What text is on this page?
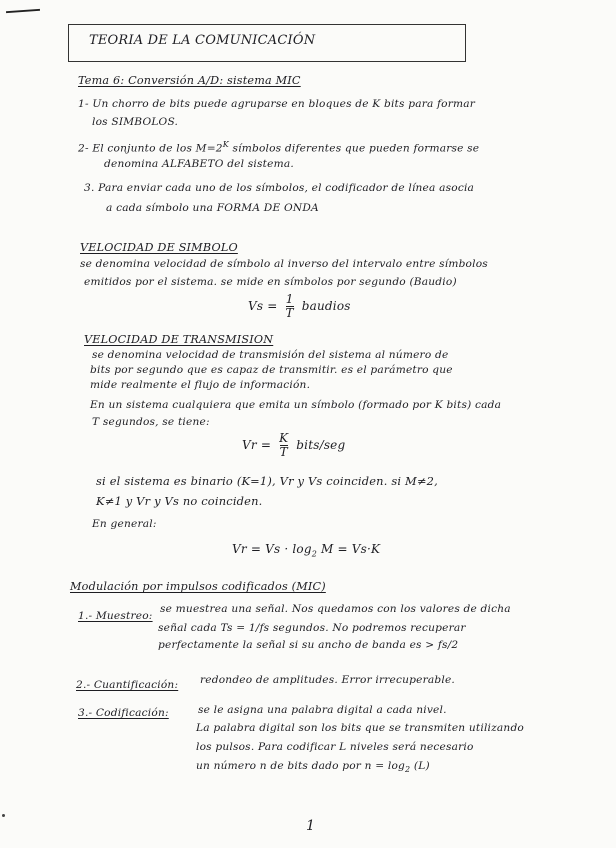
TEORIA DE LA COMUNICACIÓN
Tema 6: Conversión A/D: sistema MIC
1- Un chorro de bits puede agruparse en bloques de K bits para formar
los SIMBOLOS.
2- El conjunto de los $M=2^K$ símbolos diferentes que pueden formarse se
denomina ALFABETO del sistema.
3. Para enviar cada uno de los símbolos, el codificador de línea asocia
a cada símbolo una FORMA DE ONDA
VELOCIDAD DE SIMBOLO
se denomina velocidad de símbolo al inverso del intervalo entre símbolos
emitidos por el sistema. se mide en símbolos por segundo (Baudio)
$Vs = \frac{1}{T}$ baudios
VELOCIDAD DE TRANSMISION
se denomina velocidad de transmisión del sistema al número de
bits por segundo que es capaz de transmitir. es el parámetro que
mide realmente el flujo de información.
En un sistema cualquiera que emita un símbolo (formado por K bits) cada
T segundos, se tiene:
$Vr = \frac{K}{T}$ bits/seg
si el sistema es binario (K=1), Vr y Vs coinciden. si M≠2,
K≠1 y Vr y Vs no coinciden.
En general:
$Vr = Vs \cdot \log_2 M = Vs\cdot K$
Modulación por impulsos codificados (MIC)
1.- Muestreo:
se muestrea una señal. Nos quedamos con los valores de dicha
señal cada Ts = 1/fs segundos. No podremos recuperar
perfectamente la señal si su ancho de banda es > fs/2
2.- Cuantificación: redondeo de amplitudes. Error irrecuperable.
3.- Codificación:	se le asigna una palabra digital a cada nivel.
La palabra digital son los bits que se transmiten utilizando
los pulsos. Para codificar L niveles será necesario
un número n de bits dado por $n = \log_2 (L)$
1
